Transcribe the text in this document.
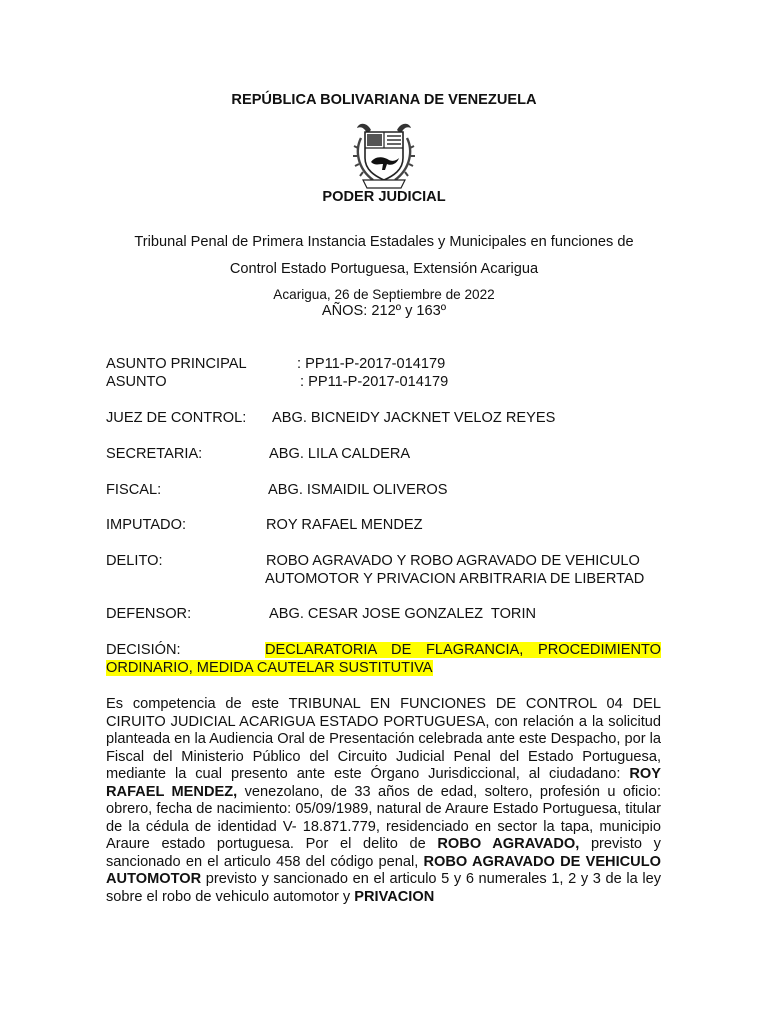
REPÚBLICA BOLIVARIANA DE VENEZUELA
PODER JUDICIAL
Tribunal Penal de Primera Instancia Estadales y Municipales en funciones de
Control Estado Portuguesa, Extensión Acarigua
Acarigua, 26 de Septiembre de 2022
AÑOS: 212º y 163º
ASUNTO PRINCIPAL	: PP11-P-2017-014179
ASUNTO	: PP11-P-2017-014179
JUEZ DE CONTROL: ABG. BICNEIDY JACKNET VELOZ REYES
SECRETARIA:	ABG. LILA CALDERA
FISCAL:	ABG. ISMAIDIL OLIVEROS
IMPUTADO:	ROY RAFAEL MENDEZ
DELITO:	ROBO AGRAVADO Y ROBO AGRAVADO DE VEHICULO
AUTOMOTOR Y PRIVACION ARBITRARIA DE LIBERTAD
DEFENSOR:	ABG. CESAR JOSE GONZALEZ  TORIN
DECISIÓN:	DECLARATORIA DE FLAGRANCIA, PROCEDIMIENTO ORDINARIO, MEDIDA CAUTELAR SUSTITUTIVA
Es competencia de este TRIBUNAL EN FUNCIONES DE CONTROL 04 DEL CIRUITO JUDICIAL ACARIGUA ESTADO PORTUGUESA, con relación a la solicitud planteada en la Audiencia Oral de Presentación celebrada ante este Despacho, por la Fiscal del Ministerio Público del Circuito Judicial Penal del Estado Portuguesa, mediante la cual presento ante este Órgano Jurisdiccional, al ciudadano: ROY RAFAEL MENDEZ, venezolano, de 33 años de edad, soltero, profesión u oficio: obrero, fecha de nacimiento: 05/09/1989, natural de Araure Estado Portuguesa, titular de la cédula de identidad V- 18.871.779, residenciado en sector la tapa, municipio Araure estado portuguesa. Por el delito de ROBO AGRAVADO, previsto y sancionado en el articulo 458 del código penal, ROBO AGRAVADO DE VEHICULO AUTOMOTOR previsto y sancionado en el articulo 5 y 6 numerales 1, 2 y 3 de la ley sobre el robo de vehiculo automotor y PRIVACION
